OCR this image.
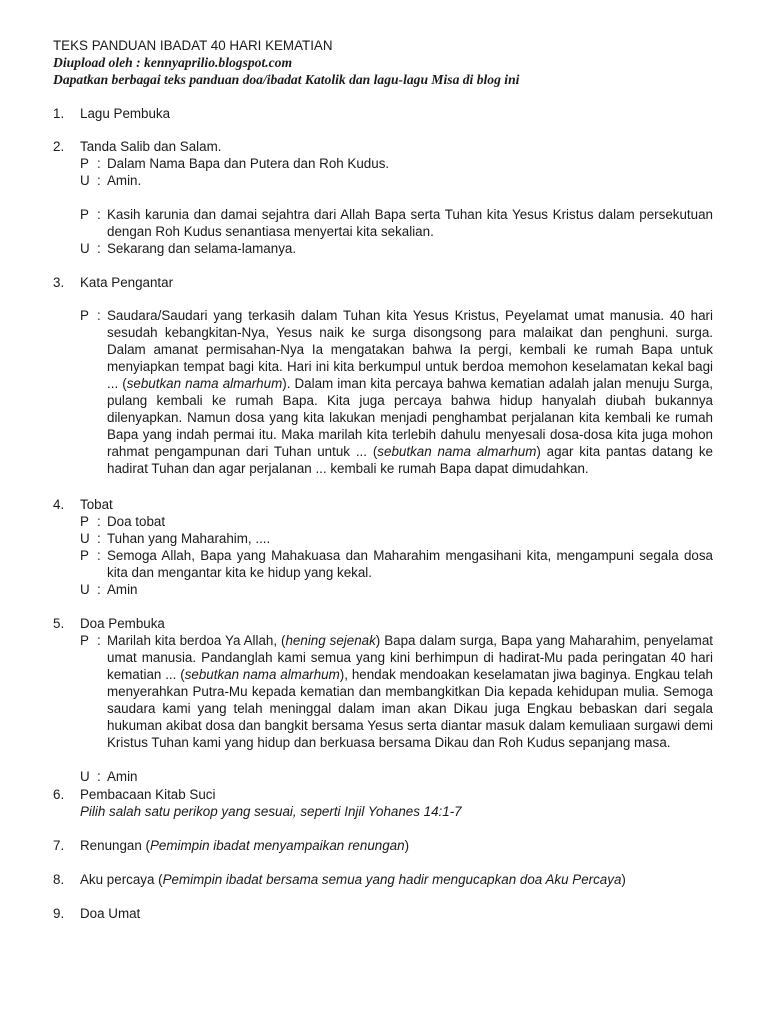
TEKS PANDUAN IBADAT 40 HARI KEMATIAN
Diupload oleh : kennyaprilio.blogspot.com
Dapatkan berbagai teks panduan doa/ibadat Katolik dan lagu-lagu Misa di blog ini
1. Lagu Pembuka
2. Tanda Salib dan Salam.
P : Dalam Nama Bapa dan Putera dan Roh Kudus.
U : Amin.
P : Kasih karunia dan damai sejahtra dari Allah Bapa serta Tuhan kita Yesus Kristus dalam persekutuan dengan Roh Kudus senantiasa menyertai kita sekalian.
U : Sekarang dan selama-lamanya.
3. Kata Pengantar
P : Saudara/Saudari yang terkasih dalam Tuhan kita Yesus Kristus, Peyelamat umat manusia. 40 hari sesudah kebangkitan-Nya, Yesus naik ke surga disongsong para malaikat dan penghuni. surga. Dalam amanat permisahan-Nya Ia mengatakan bahwa Ia pergi, kembali ke rumah Bapa untuk menyiapkan tempat bagi kita. Hari ini kita berkumpul untuk berdoa memohon keselamatan kekal bagi ... (sebutkan nama almarhum). Dalam iman kita percaya bahwa kematian adalah jalan menuju Surga, pulang kembali ke rumah Bapa. Kita juga percaya bahwa hidup hanyalah diubah bukannya dilenyapkan. Namun dosa yang kita lakukan menjadi penghambat perjalanan kita kembali ke rumah Bapa yang indah permai itu. Maka marilah kita terlebih dahulu menyesali dosa-dosa kita juga mohon rahmat pengampunan dari Tuhan untuk ... (sebutkan nama almarhum) agar kita pantas datang ke hadirat Tuhan dan agar perjalanan ... kembali ke rumah Bapa dapat dimudahkan.
4. Tobat
P : Doa tobat
U : Tuhan yang Maharahim, ....
P : Semoga Allah, Bapa yang Mahakuasa dan Maharahim mengasihani kita, mengampuni segala dosa kita dan mengantar kita ke hidup yang kekal.
U : Amin
5. Doa Pembuka
P : Marilah kita berdoa Ya Allah, (hening sejenak) Bapa dalam surga, Bapa yang Maharahim, penyelamat umat manusia. Pandanglah kami semua yang kini berhimpun di hadirat-Mu pada peringatan 40 hari kematian ... (sebutkan nama almarhum), hendak mendoakan keselamatan jiwa baginya. Engkau telah menyerahkan Putra-Mu kepada kematian dan membangkitkan Dia kepada kehidupan mulia. Semoga saudara kami yang telah meninggal dalam iman akan Dikau juga Engkau bebaskan dari segala hukuman akibat dosa dan bangkit bersama Yesus serta diantar masuk dalam kemuliaan surgawi demi Kristus Tuhan kami yang hidup dan berkuasa bersama Dikau dan Roh Kudus sepanjang masa.
U : Amin
6. Pembacaan Kitab Suci
Pilih salah satu perikop yang sesuai, seperti Injil Yohanes 14:1-7
7. Renungan (Pemimpin ibadat menyampaikan renungan)
8. Aku percaya (Pemimpin ibadat bersama semua yang hadir mengucapkan doa Aku Percaya)
9. Doa Umat
